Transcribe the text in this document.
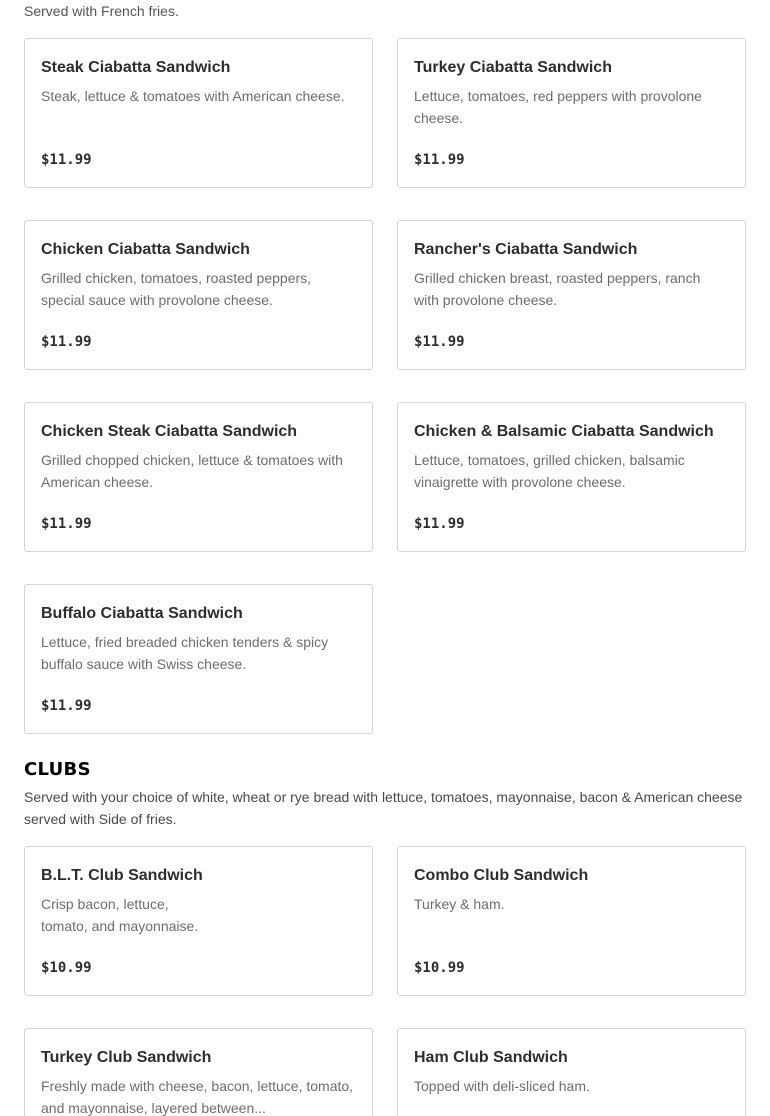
Served with French fries.
Steak Ciabatta Sandwich
Steak, lettuce & tomatoes with American cheese.
$11.99
Turkey Ciabatta Sandwich
Lettuce, tomatoes, red peppers with provolone cheese.
$11.99
Chicken Ciabatta Sandwich
Grilled chicken, tomatoes, roasted peppers, special sauce with provolone cheese.
$11.99
Rancher's Ciabatta Sandwich
Grilled chicken breast, roasted peppers, ranch with provolone cheese.
$11.99
Chicken Steak Ciabatta Sandwich
Grilled chopped chicken, lettuce & tomatoes with American cheese.
$11.99
Chicken & Balsamic Ciabatta Sandwich
Lettuce, tomatoes, grilled chicken, balsamic vinaigrette with provolone cheese.
$11.99
Buffalo Ciabatta Sandwich
Lettuce, fried breaded chicken tenders & spicy buffalo sauce with Swiss cheese.
$11.99
CLUBS
Served with your choice of white, wheat or rye bread with lettuce, tomatoes, mayonnaise, bacon & American cheese served with Side of fries.
B.L.T. Club Sandwich
Crisp bacon, lettuce,
tomato, and mayonnaise.
$10.99
Combo Club Sandwich
Turkey & ham.
$10.99
Turkey Club Sandwich
Freshly made with cheese, bacon, lettuce, tomato, and mayonnaise, layered between...
Ham Club Sandwich
Topped with deli-sliced ham.
